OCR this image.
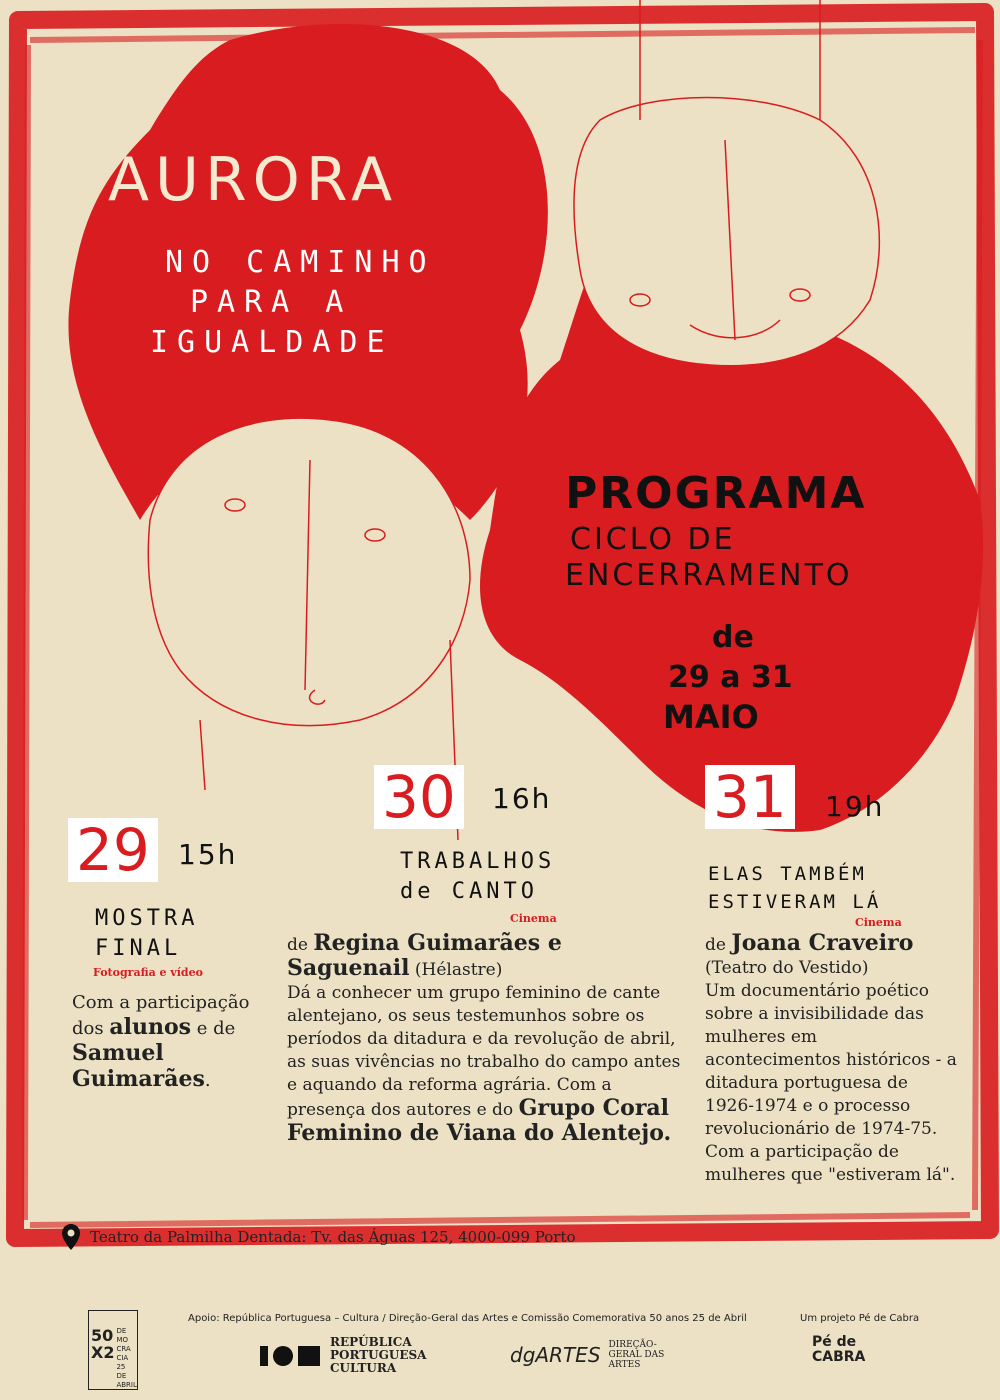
AURORA
NO CAMINHO
PARA A
IGUALDADE
PROGRAMA
CICLO DE
ENCERRAMENTO
de
29 a 31
MAIO
29 15h
MOSTRA
FINAL
Fotografia e vídeo
Com a participação dos alunos e de Samuel Guimarães.
30 16h
TRABALHOS
de CANTO
Cinema
de Regina Guimarães e Saguenail (Hélastre)
Dá a conhecer um grupo feminino de cante alentejano, os seus testemunhos sobre os períodos da ditadura e da revolução de abril, as suas vivências no trabalho do campo antes e aquando da reforma agrária. Com a presença dos autores e do Grupo Coral Feminino de Viana do Alentejo.
31 19h
ELAS TAMBÉM
ESTIVERAM LÁ
Cinema
de Joana Craveiro
(Teatro do Vestido)
Um documentário poético sobre a invisibilidade das mulheres em acontecimentos históricos - a ditadura portuguesa de 1926-1974 e o processo revolucionário de 1974-75. Com a participação de mulheres que "estiveram lá".
Teatro da Palmilha Dentada: Tv. das Águas 125, 4000-099 Porto
Apoio: República Portuguesa – Cultura / Direção-Geral das Artes e Comissão Comemorativa 50 anos 25 de Abril	Um projeto Pé de Cabra
50 X2
DE MO CRA CIA 25 DE ABRIL
REPÚBLICA PORTUGUESA CULTURA
dgARTES DIREÇÃO-GERAL DAS ARTES
Pé de CABRA
